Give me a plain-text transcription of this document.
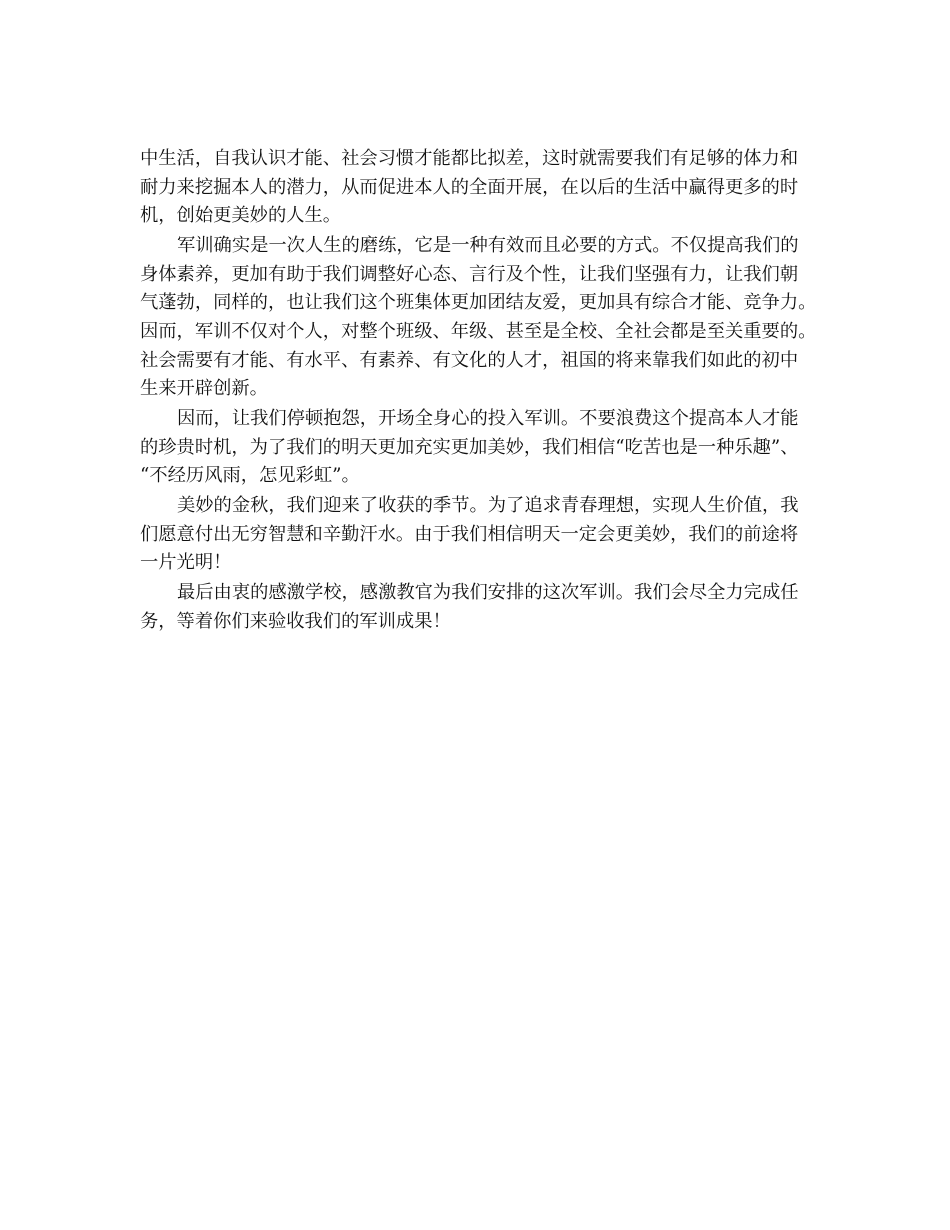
中生活，自我认识才能、社会习惯才能都比拟差，这时就需要我们有足够的体力和
耐力来挖掘本人的潜力，从而促进本人的全面开展，在以后的生活中赢得更多的时
机，创始更美妙的人生。
军训确实是一次人生的磨练，它是一种有效而且必要的方式。不仅提高我们的
身体素养，更加有助于我们调整好心态、言行及个性，让我们坚强有力，让我们朝
气蓬勃，同样的，也让我们这个班集体更加团结友爱，更加具有综合才能、竞争力。
因而，军训不仅对个人，对整个班级、年级、甚至是全校、全社会都是至关重要的。
社会需要有才能、有水平、有素养、有文化的人才，祖国的将来靠我们如此的初中
生来开辟创新。
因而，让我们停顿抱怨，开场全身心的投入军训。不要浪费这个提高本人才能
的珍贵时机，为了我们的明天更加充实更加美妙，我们相信“吃苦也是一种乐趣”、
“不经历风雨，怎见彩虹”。
美妙的金秋，我们迎来了收获的季节。为了追求青春理想，实现人生价值，我
们愿意付出无穷智慧和辛勤汗水。由于我们相信明天一定会更美妙，我们的前途将
一片光明！
最后由衷的感激学校，感激教官为我们安排的这次军训。我们会尽全力完成任
务，等着你们来验收我们的军训成果！
